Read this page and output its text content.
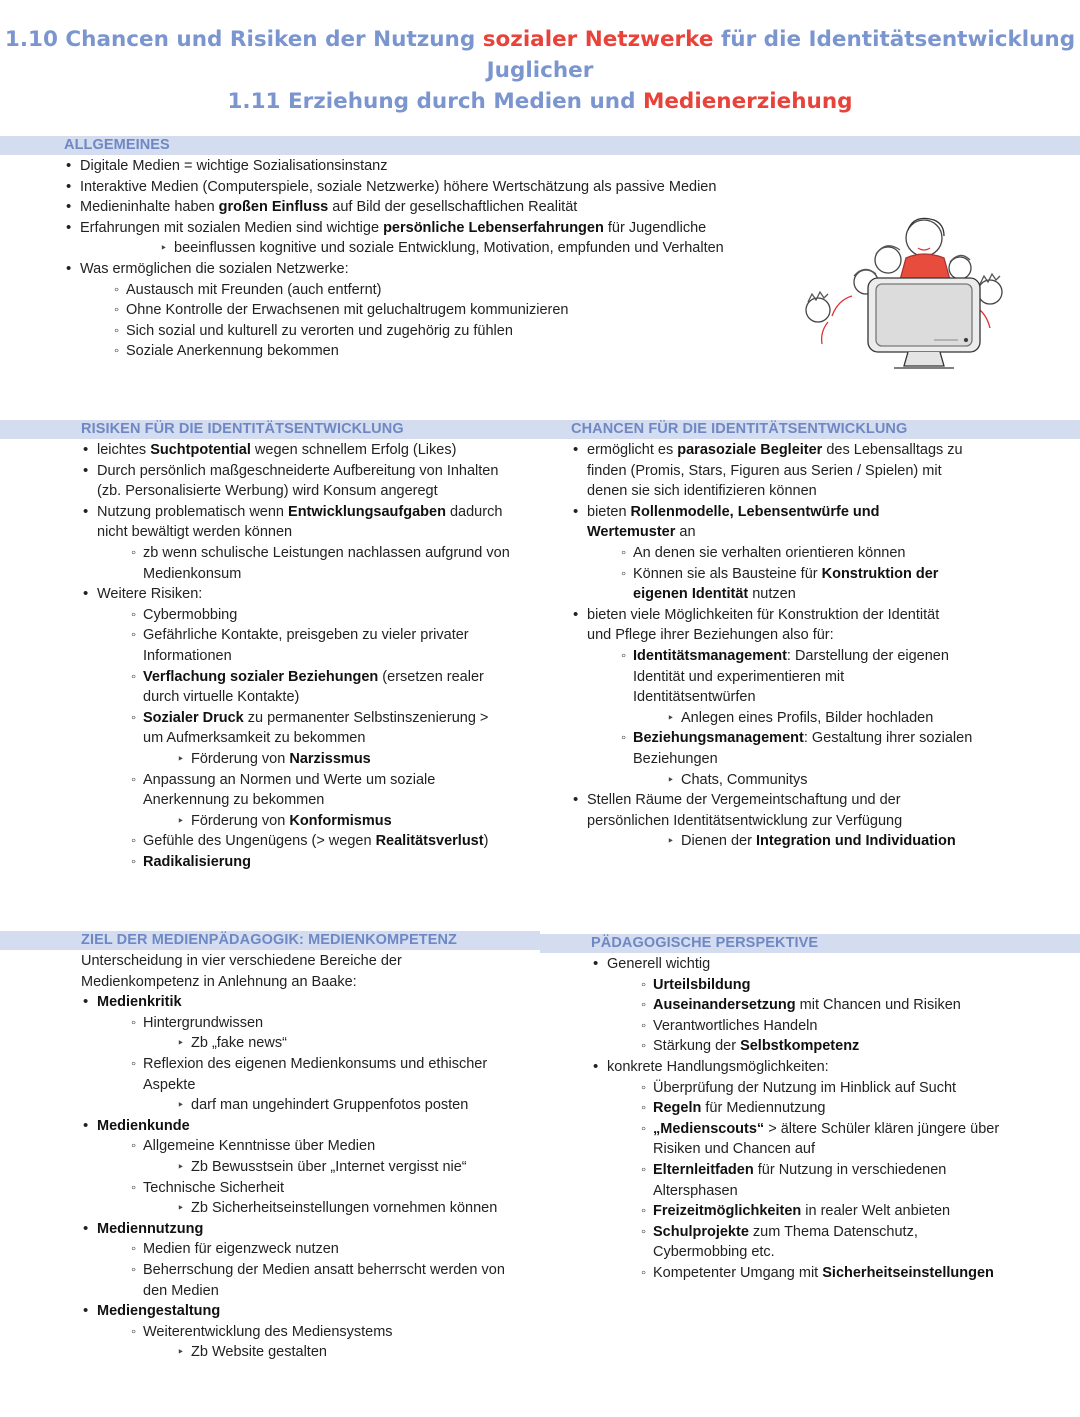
1.10 Chancen und Risiken der Nutzung sozialer Netzwerke für die Identitätsentwicklung
Juglicher
1.11 Erziehung durch Medien und Medienerziehung
ALLGEMEINES
• Digitale Medien = wichtige Sozialisationsinstanz
• Interaktive Medien (Computerspiele, soziale Netzwerke) höhere Wertschätzung als passive Medien
• Medieninhalte haben großen Einfluss auf Bild der gesellschaftlichen Realität
• Erfahrungen mit sozialen Medien sind wichtige persönliche Lebenserfahrungen für Jugendliche
‣ beeinflussen kognitive und soziale Entwicklung, Motivation, empfunden und Verhalten
• Was ermöglichen die sozialen Netzwerke:
◦ Austausch mit Freunden (auch entfernt)
◦ Ohne Kontrolle der Erwachsenen mit geluchaltrugem kommunizieren
◦ Sich sozial und kulturell zu verorten und zugehörig zu fühlen
◦ Soziale Anerkennung bekommen
RISIKEN FÜR DIE IDENTITÄTSENTWICKLUNG	CHANCEN FÜR DIE IDENTITÄTSENTWICKLUNG
• leichtes Suchtpotential wegen schnellem Erfolg (Likes)
• Durch persönlich maßgeschneiderte Aufbereitung von Inhalten
(zb. Personalisierte Werbung) wird Konsum angeregt
• Nutzung problematisch wenn Entwicklungsaufgaben dadurch
nicht bewältigt werden können
◦ zb wenn schulische Leistungen nachlassen aufgrund von
Medienkonsum
• Weitere Risiken:
◦ Cybermobbing
◦ Gefährliche Kontakte, preisgeben zu vieler privater
Informationen
◦ Verflachung sozialer Beziehungen (ersetzen realer
durch virtuelle Kontakte)
◦ Sozialer Druck zu permanenter Selbstinszenierung >
um Aufmerksamkeit zu bekommen
‣ Förderung von Narzissmus
◦ Anpassung an Normen und Werte um soziale
Anerkennung zu bekommen
‣ Förderung von Konformismus
◦ Gefühle des Ungenügens (> wegen Realitätsverlust)
◦ Radikalisierung
• ermöglicht es parasoziale Begleiter des Lebensalltags zu
finden (Promis, Stars, Figuren aus Serien / Spielen) mit
denen sie sich identifizieren können
• bieten Rollenmodelle, Lebensentwürfe und
Wertemuster an
◦ An denen sie verhalten orientieren können
◦ Können sie als Bausteine für Konstruktion der
eigenen Identität nutzen
• bieten viele Möglichkeiten für Konstruktion der Identität
und Pflege ihrer Beziehungen also für:
◦ Identitätsmanagement: Darstellung der eigenen
Identität und experimentieren mit
Identitätsentwürfen
‣ Anlegen eines Profils, Bilder hochladen
◦ Beziehungsmanagement: Gestaltung ihrer sozialen
Beziehungen
‣ Chats, Communitys
• Stellen Räume der Vergemeintschaftung und der
persönlichen Identitätsentwicklung zur Verfügung
‣ Dienen der Integration und Individuation
ZIEL DER MEDIENPÄDAGOGIK: MEDIENKOMPETENZ	PÄDAGOGISCHE PERSPEKTIVE
Unterscheidung in vier verschiedene Bereiche der
Medienkompetenz in Anlehnung an Baake:
• Medienkritik
◦ Hintergrundwissen
‣ Zb „fake news“
◦ Reflexion des eigenen Medienkonsums und ethischer
Aspekte
‣ darf man ungehindert Gruppenfotos posten
• Medienkunde
◦ Allgemeine Kenntnisse über Medien
‣ Zb Bewusstsein über „Internet vergisst nie“
◦ Technische Sicherheit
‣ Zb Sicherheitseinstellungen vornehmen können
• Mediennutzung
◦ Medien für eigenzweck nutzen
◦ Beherrschung der Medien ansatt beherrscht werden von
den Medien
• Mediengestaltung
◦ Weiterentwicklung des Mediensystems
‣ Zb Website gestalten
• Generell wichtig
◦ Urteilsbildung
◦ Auseinandersetzung mit Chancen und Risiken
◦ Verantwortliches Handeln
◦ Stärkung der Selbstkompetenz
• konkrete Handlungsmöglichkeiten:
◦ Überprüfung der Nutzung im Hinblick auf Sucht
◦ Regeln für Mediennutzung
◦ „Medienscouts“ > ältere Schüler klären jüngere über
Risiken und Chancen auf
◦ Elternleitfaden für Nutzung in verschiedenen
Altersphasen
◦ Freizeitmöglichkeiten in realer Welt anbieten
◦ Schulprojekte zum Thema Datenschutz,
Cybermobbing etc.
◦ Kompetenter Umgang mit Sicherheitseinstellungen
